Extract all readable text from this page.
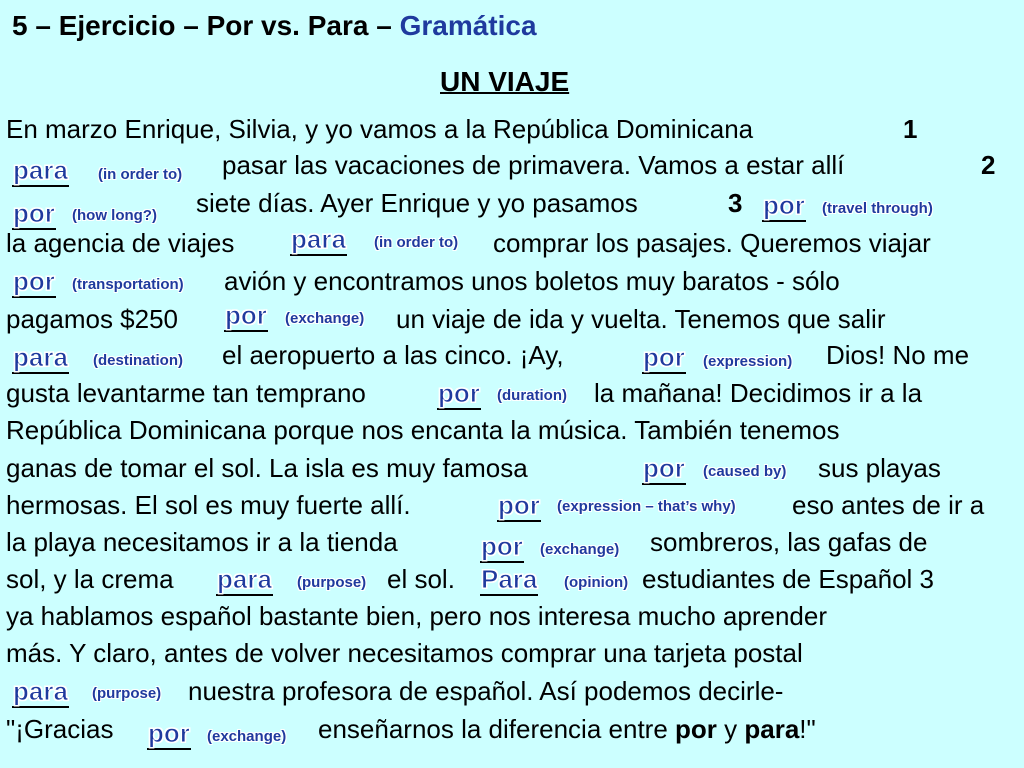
5 – Ejercicio – Por vs. Para – Gramática
UN VIAJE
En marzo Enrique, Silvia, y yo vamos a la República Dominicana	1
para (in order to) pasar las vacaciones de primavera. Vamos a estar allí	2
por (how long?) siete días. Ayer Enrique y yo pasamos	3 por (travel through)
la agencia de viajes para (in order to) comprar los pasajes. Queremos viajar
por (transportation) avión y encontramos unos boletos muy baratos - sólo
pagamos $250 por (exchange) un viaje de ida y vuelta. Tenemos que salir
para (destination) el aeropuerto a las cinco. ¡Ay,	por (expression) Dios! No me
gusta levantarme tan temprano	por (duration) la mañana! Decidimos ir a la
República Dominicana porque nos encanta la música. También tenemos
ganas de tomar el sol. La isla es muy famosa	por (caused by) sus playas
hermosas. El sol es muy fuerte allí.	por (expression – that’s why) eso antes de ir a
la playa necesitamos ir a la tienda	por (exchange) sombreros, las gafas de
sol, y la crema para (purpose) el sol. Para (opinion) estudiantes de Español 3
ya hablamos español bastante bien, pero nos interesa mucho aprender
más. Y claro, antes de volver necesitamos comprar una tarjeta postal
para (purpose) nuestra profesora de español. Así podemos decirle-
"¡Gracias por (exchange) enseñarnos la diferencia entre por y para!"
